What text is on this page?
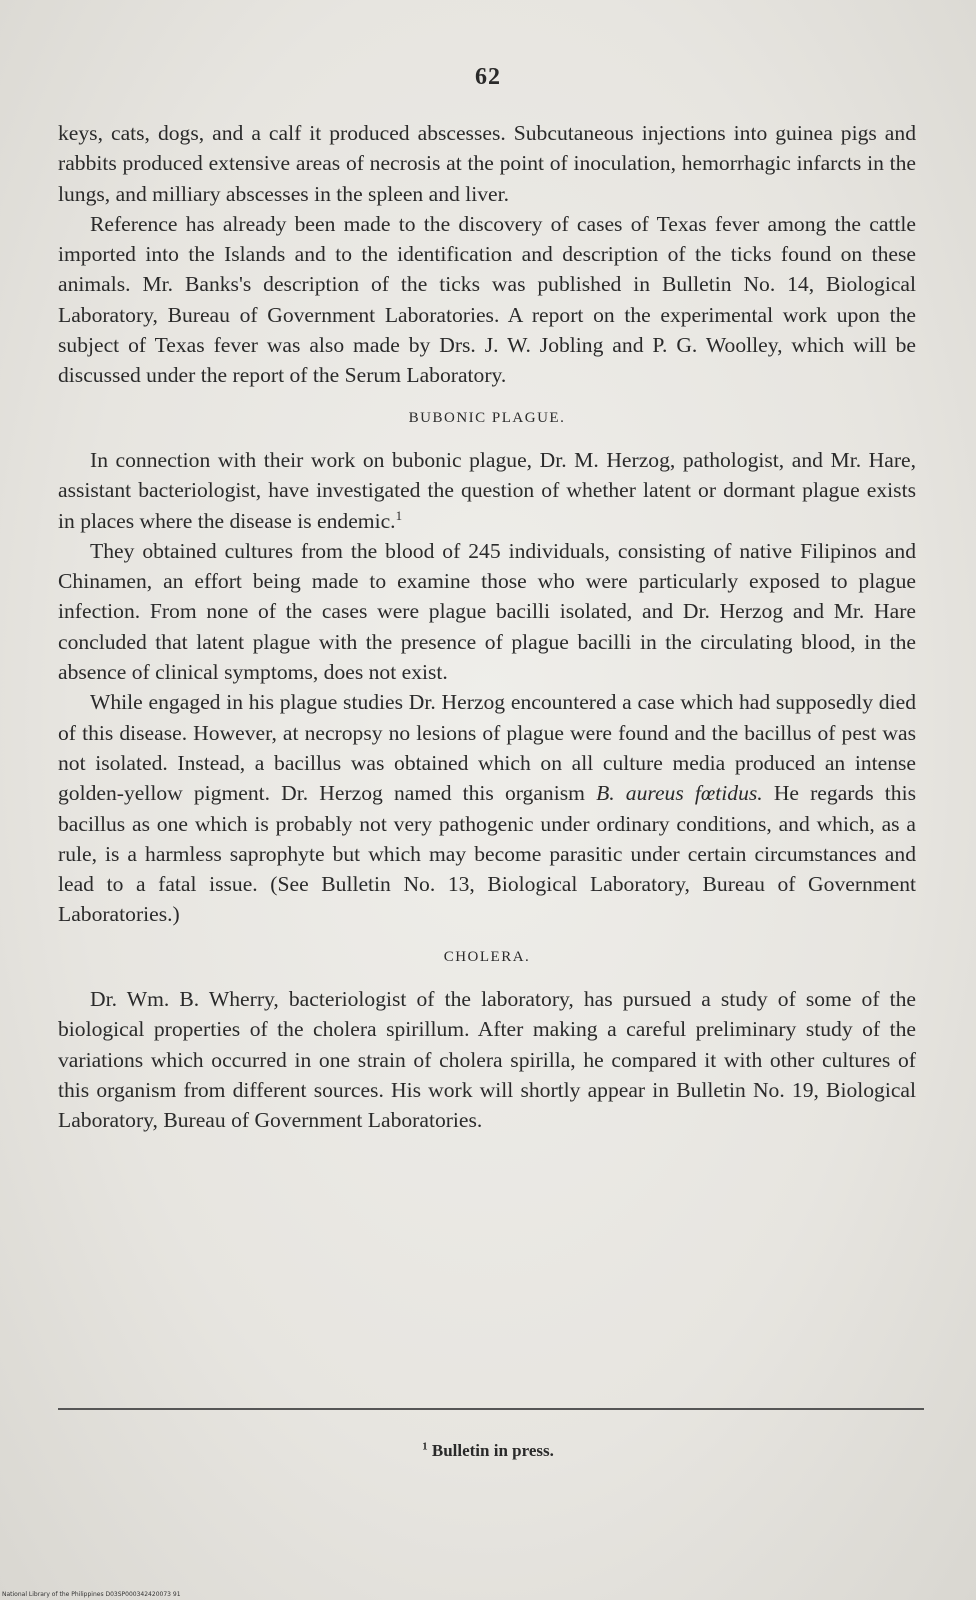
62

keys, cats, dogs, and a calf it produced abscesses. Subcutaneous injections into guinea pigs and rabbits produced extensive areas of necrosis at the point of inoculation, hemorrhagic infarcts in the lungs, and milliary abscesses in the spleen and liver.

Reference has already been made to the discovery of cases of Texas fever among the cattle imported into the Islands and to the identification and description of the ticks found on these animals. Mr. Banks's description of the ticks was published in Bulletin No. 14, Biological Laboratory, Bureau of Government Laboratories. A report on the experimental work upon the subject of Texas fever was also made by Drs. J. W. Jobling and P. G. Woolley, which will be discussed under the report of the Serum Laboratory.

BUBONIC PLAGUE.

In connection with their work on bubonic plague, Dr. M. Herzog, pathologist, and Mr. Hare, assistant bacteriologist, have investigated the question of whether latent or dormant plague exists in places where the disease is endemic.$^1$

They obtained cultures from the blood of 245 individuals, consisting of native Filipinos and Chinamen, an effort being made to examine those who were particularly exposed to plague infection. From none of the cases were plague bacilli isolated, and Dr. Herzog and Mr. Hare concluded that latent plague with the presence of plague bacilli in the circulating blood, in the absence of clinical symptoms, does not exist.

While engaged in his plague studies Dr. Herzog encountered a case which had supposedly died of this disease. However, at necropsy no lesions of plague were found and the bacillus of pest was not isolated. Instead, a bacillus was obtained which on all culture media produced an intense golden-yellow pigment. Dr. Herzog named this organism B. aureus fœtidus. He regards this bacillus as one which is probably not very pathogenic under ordinary conditions, and which, as a rule, is a harmless saprophyte but which may become parasitic under certain circumstances and lead to a fatal issue. (See Bulletin No. 13, Biological Laboratory, Bureau of Government Laboratories.)

CHOLERA.

Dr. Wm. B. Wherry, bacteriologist of the laboratory, has pursued a study of some of the biological properties of the cholera spirillum. After making a careful preliminary study of the variations which occurred in one strain of cholera spirilla, he compared it with other cultures of this organism from different sources. His work will shortly appear in Bulletin No. 19, Biological Laboratory, Bureau of Government Laboratories.

$^1$ Bulletin in press.
National Library of the Philippines D03SP000342420073 91
